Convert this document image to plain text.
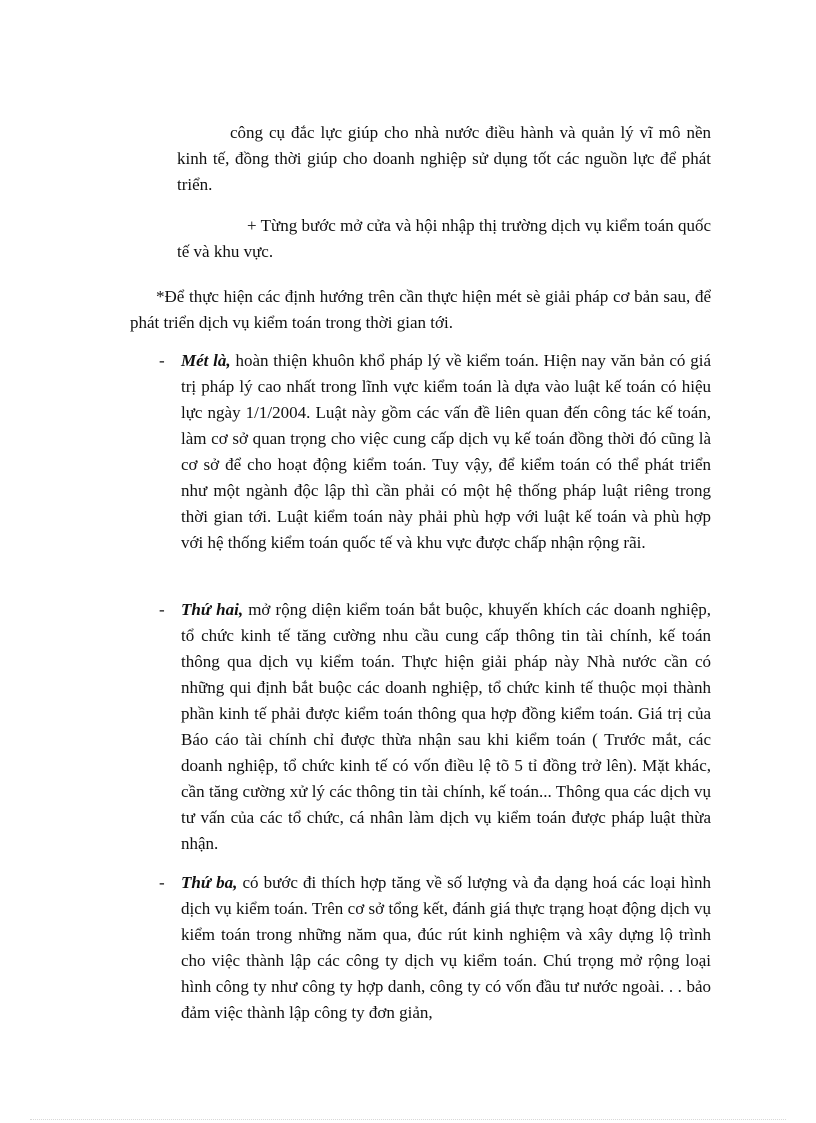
công cụ đắc lực giúp cho nhà nước điều hành và quản lý vĩ mô nền kinh tế, đồng thời giúp cho doanh nghiệp sử dụng tốt các nguồn lực để phát triển.
+ Từng bước mở cửa và hội nhập thị trường dịch vụ kiểm toán quốc tế và khu vực.
*Để thực hiện các định hướng trên cần thực hiện mét sè giải pháp cơ bản sau, để phát triển dịch vụ kiểm toán trong thời gian tới.
- Mét là, hoàn thiện khuôn khổ pháp lý về kiểm toán. Hiện nay văn bản có giá trị pháp lý cao nhất trong lĩnh vực kiểm toán là dựa vào luật kế toán có hiệu lực ngày 1/1/2004. Luật này gồm các vấn đề liên quan đến công tác kế toán, làm cơ sở quan trọng cho việc cung cấp dịch vụ kế toán đồng thời đó cũng là cơ sở để cho hoạt động kiểm toán. Tuy vậy, để kiểm toán có thể phát triển như một ngành độc lập thì cần phải có một hệ thống pháp luật riêng trong thời gian tới. Luật kiểm toán này phải phù hợp với luật kế toán và phù hợp với hệ thống kiểm toán quốc tế và khu vực được chấp nhận rộng rãi.
- Thứ hai, mở rộng diện kiểm toán bắt buộc, khuyến khích các doanh nghiệp, tổ chức kinh tế tăng cường nhu cầu cung cấp thông tin tài chính, kế toán thông qua dịch vụ kiểm toán. Thực hiện giải pháp này Nhà nước cần có những qui định bắt buộc các doanh nghiệp, tổ chức kinh tế thuộc mọi thành phần kinh tế phải được kiểm toán thông qua hợp đồng kiểm toán. Giá trị của Báo cáo tài chính chỉ được thừa nhận sau khi kiểm toán ( Trước mắt, các doanh nghiệp, tổ chức kinh tế có vốn điều lệ tõ 5 tỉ đồng trở lên). Mặt khác, cần tăng cường xử lý các thông tin tài chính, kế toán... Thông qua các dịch vụ tư vấn của các tổ chức, cá nhân làm dịch vụ kiểm toán được pháp luật thừa nhận.
- Thứ ba, có bước đi thích hợp tăng về số lượng và đa dạng hoá các loại hình dịch vụ kiểm toán. Trên cơ sở tổng kết, đánh giá thực trạng hoạt động dịch vụ kiểm toán trong những năm qua, đúc rút kinh nghiệm và xây dựng lộ trình cho việc thành lập các công ty dịch vụ kiểm toán. Chú trọng mở rộng loại hình công ty như công ty hợp danh, công ty có vốn đầu tư nước ngoài. . . bảo đảm việc thành lập công ty đơn giản,
